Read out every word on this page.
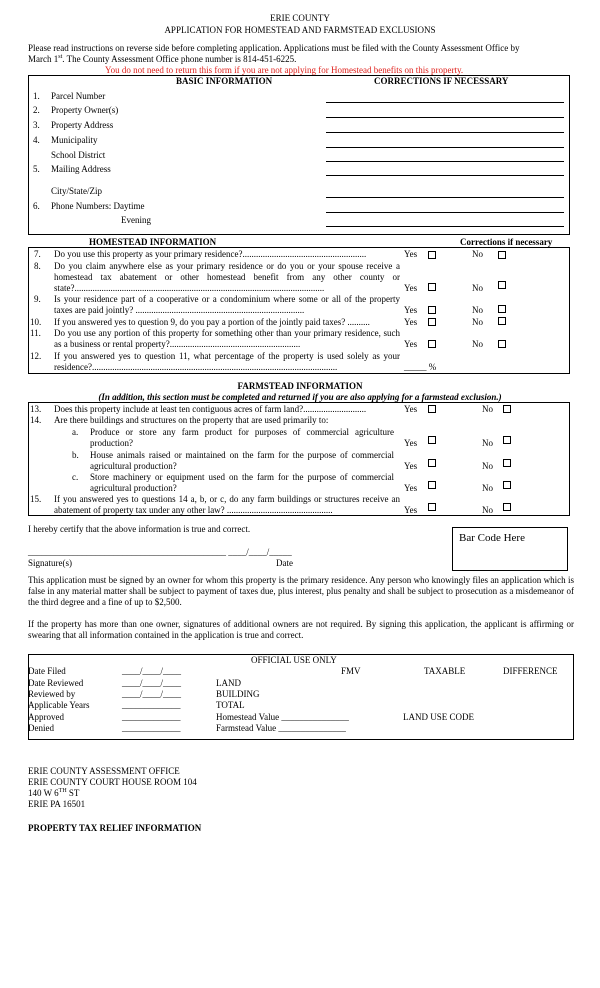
ERIE COUNTY
APPLICATION FOR HOMESTEAD AND FARMSTEAD EXCLUSIONS
Please read instructions on reverse side before completing application. Applications must be filed with the County Assessment Office by
March 1st. The County Assessment Office phone number is 814-451-6225.
You do not need to return this form if you are not applying for Homestead benefits on this property.
BASIC INFORMATION	CORRECTIONS IF NECESSARY
1. Parcel Number
2. Property Owner(s)
3. Property Address
4. Municipality
School District
5. Mailing Address
City/State/Zip
6. Phone Numbers: Daytime
Evening
HOMESTEAD INFORMATION	Corrections if necessary
7. Do you use this property as your primary residence?.......................................................	Yes	No
8. Do you claim anywhere else as your primary residence or do you or your spouse receive a homestead tax abatement or other homestead benefit from any other county or state?...............................................................................................................	Yes	No
9. Is your residence part of a cooperative or a condominium where some or all of the property taxes are paid jointly? ...........................................................................	Yes	No
10. If you answered yes to question 9, do you pay a portion of the jointly paid taxes? ..........	Yes	No
11. Do you use any portion of this property for something other than your primary residence, such as a business or rental property?..........................................................	Yes	No
12. If you answered yes to question 11, what percentage of the property is used solely as your residence?.............................................................................................................	_____ %
FARMSTEAD INFORMATION
(In addition, this section must be completed and returned if you are also applying for a farmstead exclusion.)
13. Does this property include at least ten contiguous acres of farm land?............................	Yes	No
14. Are there buildings and structures on the property that are used primarily to:
a. Produce or store any farm product for purposes of commercial agriculture production?	Yes	No
b. House animals raised or maintained on the farm for the purpose of commercial agricultural production?	Yes	No
c. Store machinery or equipment used on the farm for the purpose of commercial agricultural production?	Yes	No
15. If you answered yes to questions 14 a, b, or c, do any farm buildings or structures receive an abatement of property tax under any other law? ...............................................	Yes	No
I hereby certify that the above information is true and correct.
____________________________________________ ____/____/_____
Signature(s)	Date
Bar Code Here
This application must be signed by an owner for whom this property is the primary residence. Any person who knowingly files an application which is false in any material matter shall be subject to payment of taxes due, plus interest, plus penalty and shall be subject to prosecution as a misdemeanor of the third degree and a fine of up to $2,500.
If the property has more than one owner, signatures of additional owners are not required. By signing this application, the applicant is affirming or swearing that all information contained in the application is true and correct.
OFFICIAL USE ONLY
FMV	TAXABLE	DIFFERENCE
Date Filed	____/____/____
Date Reviewed	____/____/____
Reviewed by	____/____/____
Applicable Years	_____________
Approved	_____________
Denied	_____________
LAND
BUILDING
TOTAL
Homestead Value _______________
Farmstead Value _______________
LAND USE CODE
ERIE COUNTY ASSESSMENT OFFICE
ERIE COUNTY COURT HOUSE ROOM 104
140 W 6TH ST
ERIE PA 16501
PROPERTY TAX RELIEF INFORMATION
